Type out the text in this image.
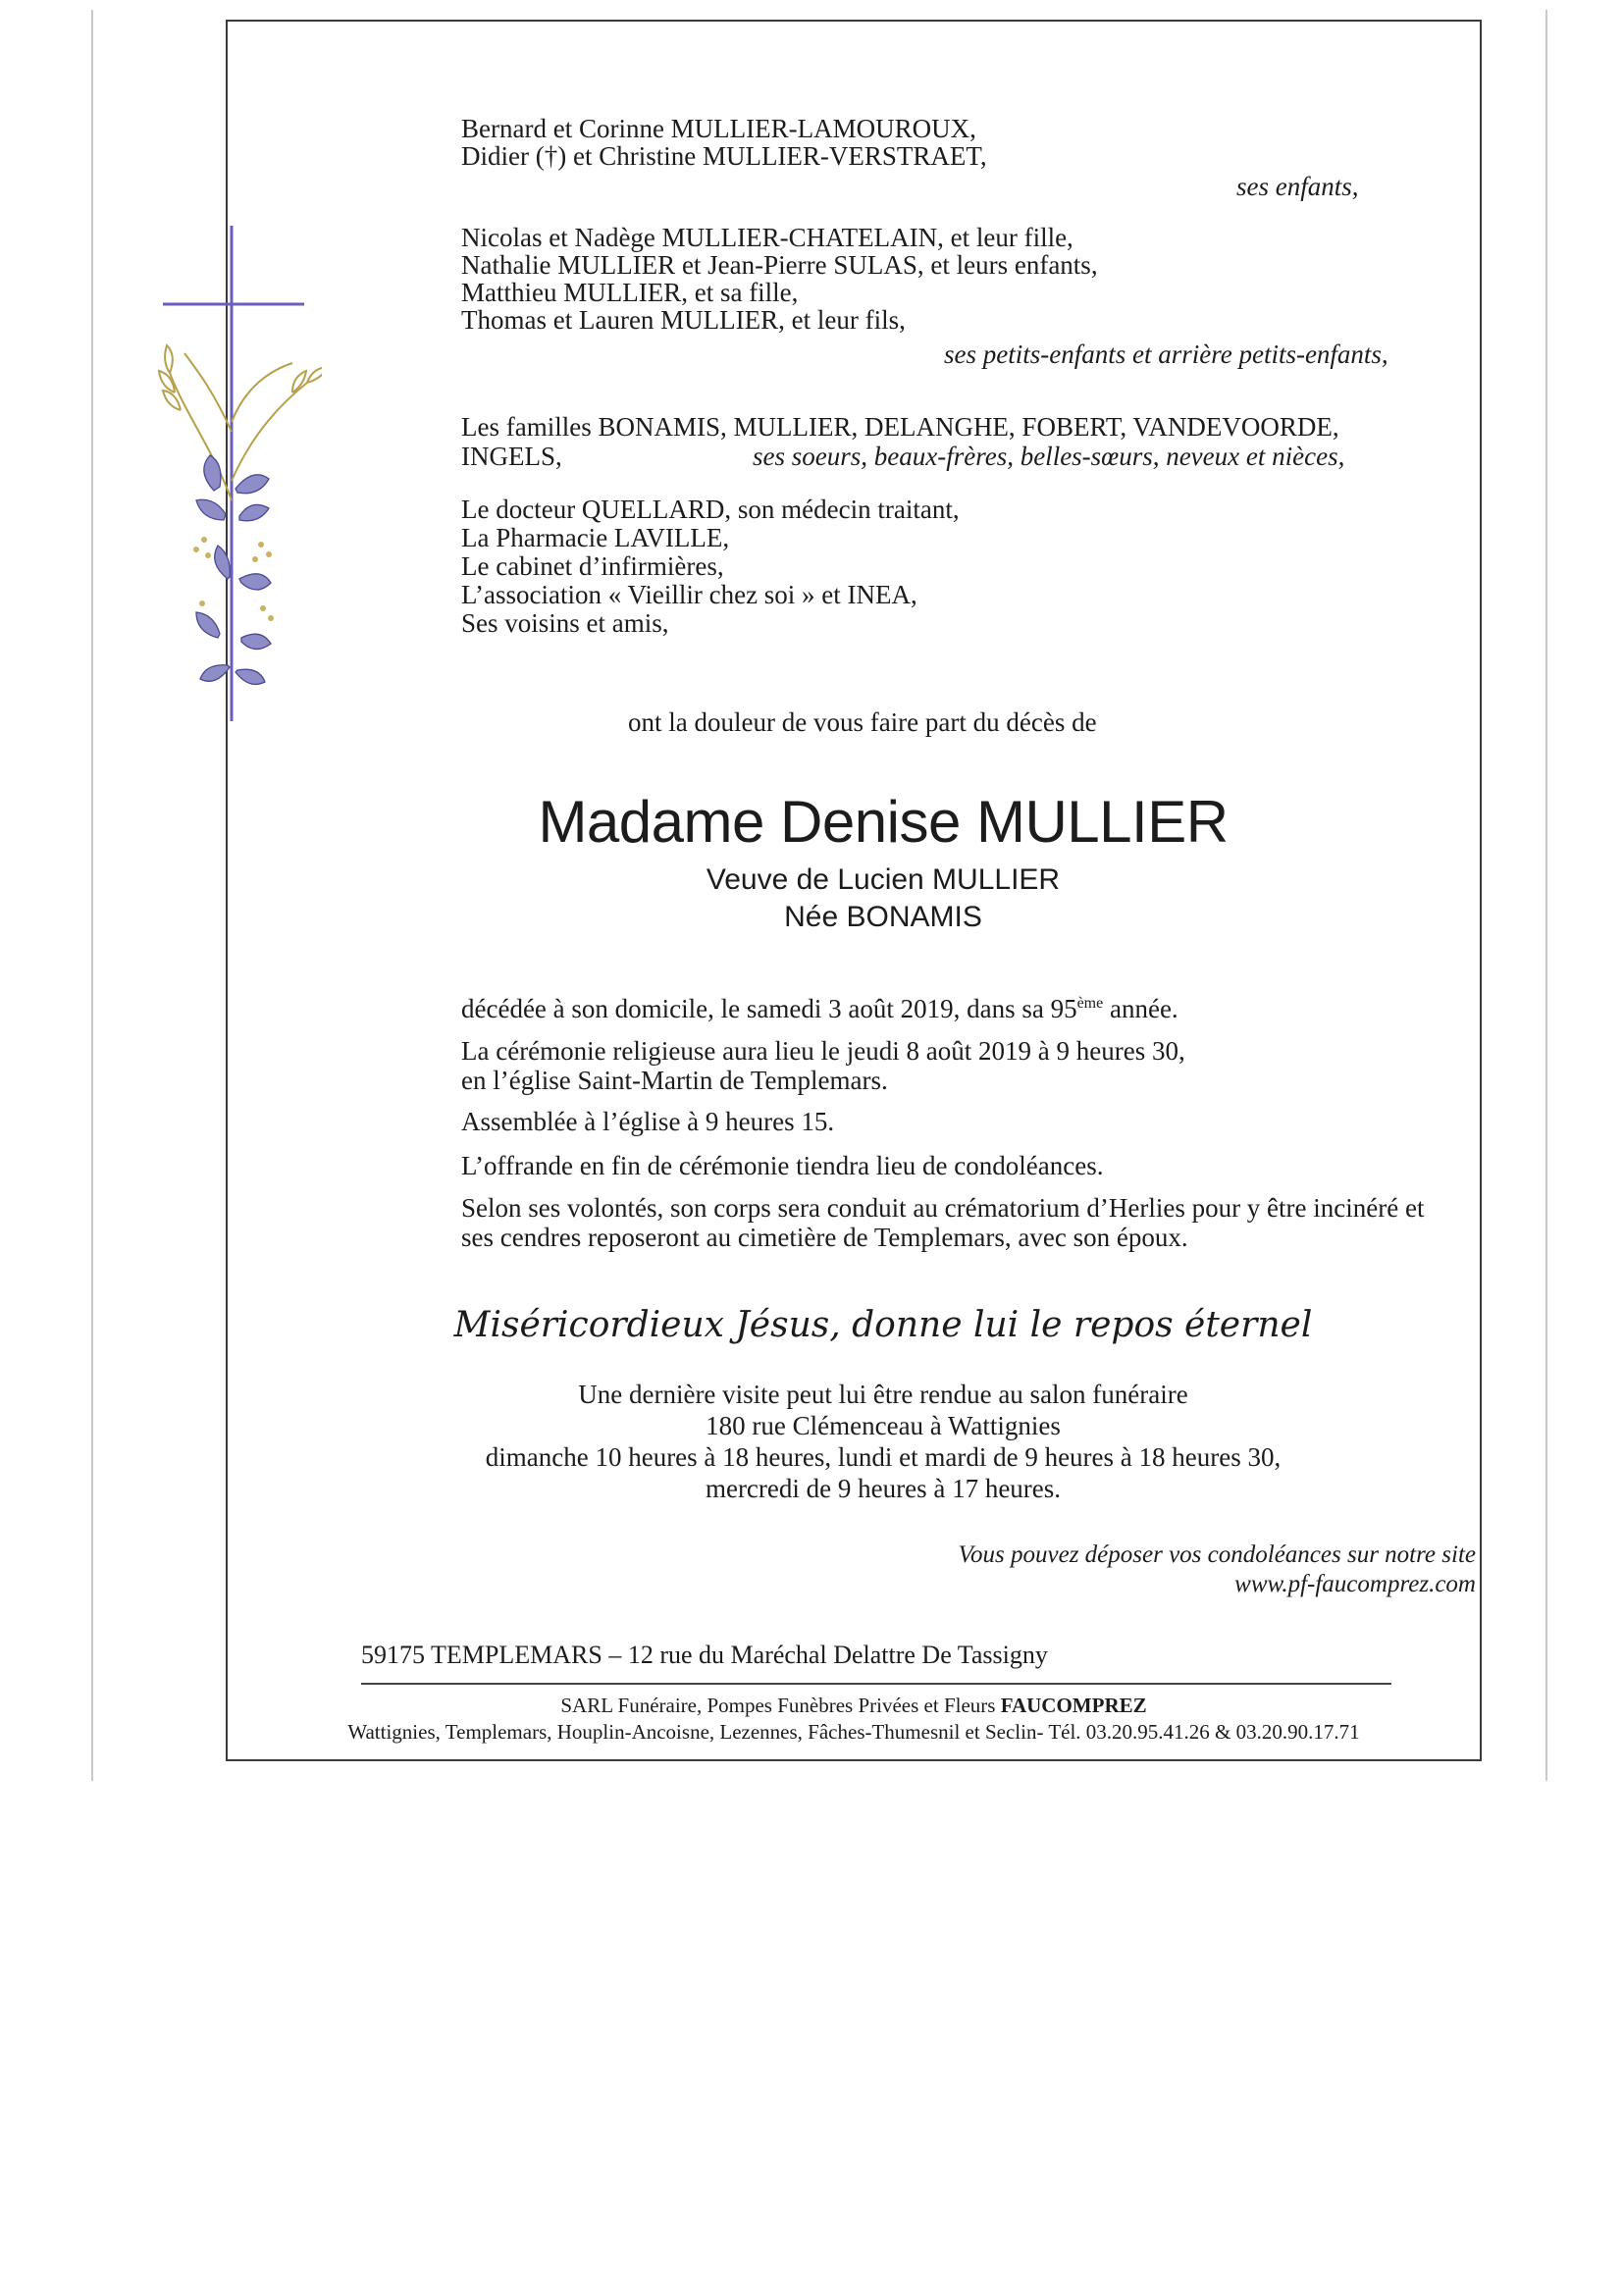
Bernard et Corinne MULLIER-LAMOUROUX,
Didier (†) et Christine MULLIER-VERSTRAET,
ses enfants,
Nicolas et Nadège MULLIER-CHATELAIN, et leur fille,
Nathalie MULLIER et Jean-Pierre SULAS, et leurs enfants,
Matthieu MULLIER, et sa fille,
Thomas et Lauren MULLIER, et leur fils,
ses petits-enfants et arrière petits-enfants,
Les familles BONAMIS, MULLIER, DELANGHE, FOBERT, VANDEVOORDE,
INGELS,	ses soeurs, beaux-frères, belles-sœurs, neveux et nièces,
Le docteur QUELLARD, son médecin traitant,
La Pharmacie LAVILLE,
Le cabinet d’infirmières,
L’association « Vieillir chez soi » et INEA,
Ses voisins et amis,
ont la douleur de vous faire part du décès de
Madame Denise MULLIER
Veuve de Lucien MULLIER
Née BONAMIS
décédée à son domicile, le samedi 3 août 2019, dans sa 95ème année.
La cérémonie religieuse aura lieu le jeudi 8 août 2019 à 9 heures 30,
en l’église Saint-Martin de Templemars.
Assemblée à l’église à 9 heures 15.
L’offrande en fin de cérémonie tiendra lieu de condoléances.
Selon ses volontés, son corps sera conduit au crématorium d’Herlies pour y être incinéré et
ses cendres reposeront au cimetière de Templemars, avec son époux.
Miséricordieux Jésus, donne lui le repos éternel
Une dernière visite peut lui être rendue au salon funéraire
180 rue Clémenceau à Wattignies
dimanche 10 heures à 18 heures, lundi et mardi de 9 heures à 18 heures 30,
mercredi de 9 heures à 17 heures.
Vous pouvez déposer vos condoléances sur notre site
www.pf-faucomprez.com
59175 TEMPLEMARS – 12 rue du Maréchal Delattre De Tassigny
SARL Funéraire, Pompes Funèbres Privées et Fleurs FAUCOMPREZ
Wattignies, Templemars, Houplin-Ancoisne, Lezennes, Fâches-Thumesnil et Seclin- Tél. 03.20.95.41.26 & 03.20.90.17.71
